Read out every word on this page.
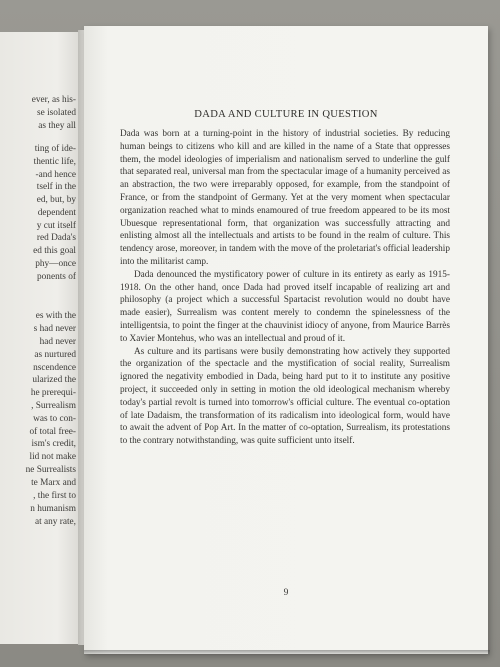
ever, as his-
se isolated
as they all
ting of ide-
thentic life,
-and hence
tself in the
ed, but, by
dependent
y cut itself
red Dada's
ed this goal
phy—once
ponents of
es with the
s had never
had never
as nurtured
nscendence
ularized the
he prerequi-
, Surrealism
was to con-
of total free-
ism's credit,
lid not make
ne Surrealists
te Marx and
, the first to
n humanism
at any rate,
DADA AND CULTURE IN QUESTION

Dada was born at a turning-point in the history of industrial societies. By reducing human beings to citizens who kill and are killed in the name of a State that oppresses them, the model ideologies of imperialism and nationalism served to underline the gulf that separated real, universal man from the spectacular image of a humanity perceived as an abstraction, the two were irreparably opposed, for example, from the standpoint of France, or from the standpoint of Germany. Yet at the very moment when spectacular organization reached what to minds enamoured of true freedom appeared to be its most Ubuesque representational form, that organization was successfully attracting and enlisting almost all the intellectuals and artists to be found in the realm of culture. This tendency arose, moreover, in tandem with the move of the proletariat's official leadership into the militarist camp.

Dada denounced the mystificatory power of culture in its entirety as early as 1915-1918. On the other hand, once Dada had proved itself incapable of realizing art and philosophy (a project which a successful Spartacist revolution would no doubt have made easier), Surrealism was content merely to condemn the spinelessness of the intelligentsia, to point the finger at the chauvinist idiocy of anyone, from Maurice Barrès to Xavier Montehus, who was an intellectual and proud of it.

As culture and its partisans were busily demonstrating how actively they supported the organization of the spectacle and the mystification of social reality, Surrealism ignored the negativity embodied in Dada, being hard put to it to institute any positive project, it succeeded only in setting in motion the old ideological mechanism whereby today's partial revolt is turned into tomorrow's official culture. The eventual co-optation of late Dadaism, the transformation of its radicalism into ideological form, would have to await the advent of Pop Art. In the matter of co-optation, Surrealism, its protestations to the contrary notwithstanding, was quite sufficient unto itself.

9
